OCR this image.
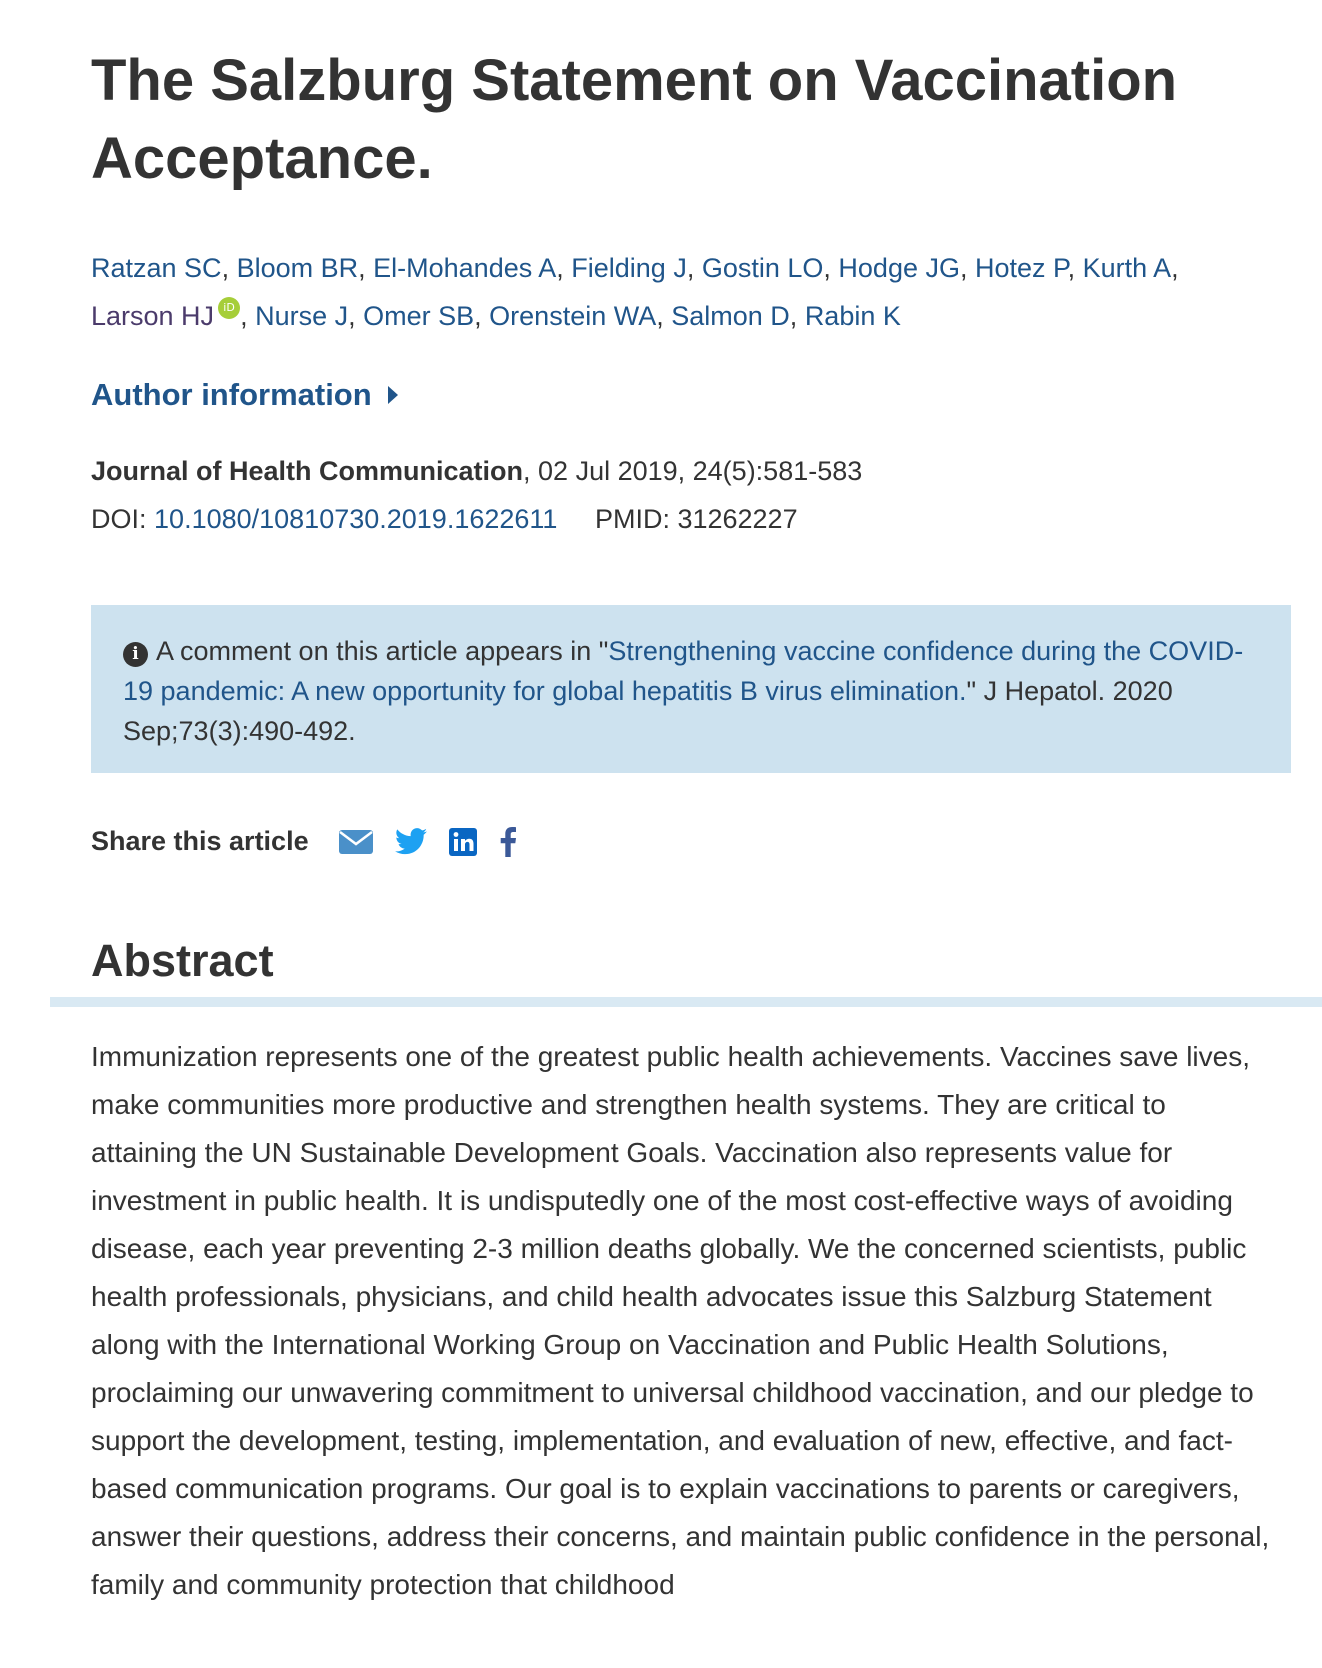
The Salzburg Statement on Vaccination Acceptance.
Ratzan SC, Bloom BR, El-Mohandes A, Fielding J, Gostin LO, Hodge JG, Hotez P, Kurth A,
Larson HJ iD , Nurse J, Omer SB, Orenstein WA, Salmon D, Rabin K
Author information
Journal of Health Communication, 02 Jul 2019, 24(5):581-583
DOI: 10.1080/10810730.2019.1622611 PMID: 31262227
i A comment on this article appears in "Strengthening vaccine confidence during the COVID-19 pandemic: A new opportunity for global hepatitis B virus elimination." J Hepatol. 2020 Sep;73(3):490-492.
Share this article
Abstract

Immunization represents one of the greatest public health achievements. Vaccines save lives, make communities more productive and strengthen health systems. They are critical to attaining the UN Sustainable Development Goals. Vaccination also represents value for investment in public health. It is undisputedly one of the most cost-effective ways of avoiding disease, each year preventing 2-3 million deaths globally. We the concerned scientists, public health professionals, physicians, and child health advocates issue this Salzburg Statement along with the International Working Group on Vaccination and Public Health Solutions, proclaiming our unwavering commitment to universal childhood vaccination, and our pledge to support the development, testing, implementation, and evaluation of new, effective, and fact-based communication programs. Our goal is to explain vaccinations to parents or caregivers, answer their questions, address their concerns, and maintain public confidence in the personal, family and community protection that childhood
